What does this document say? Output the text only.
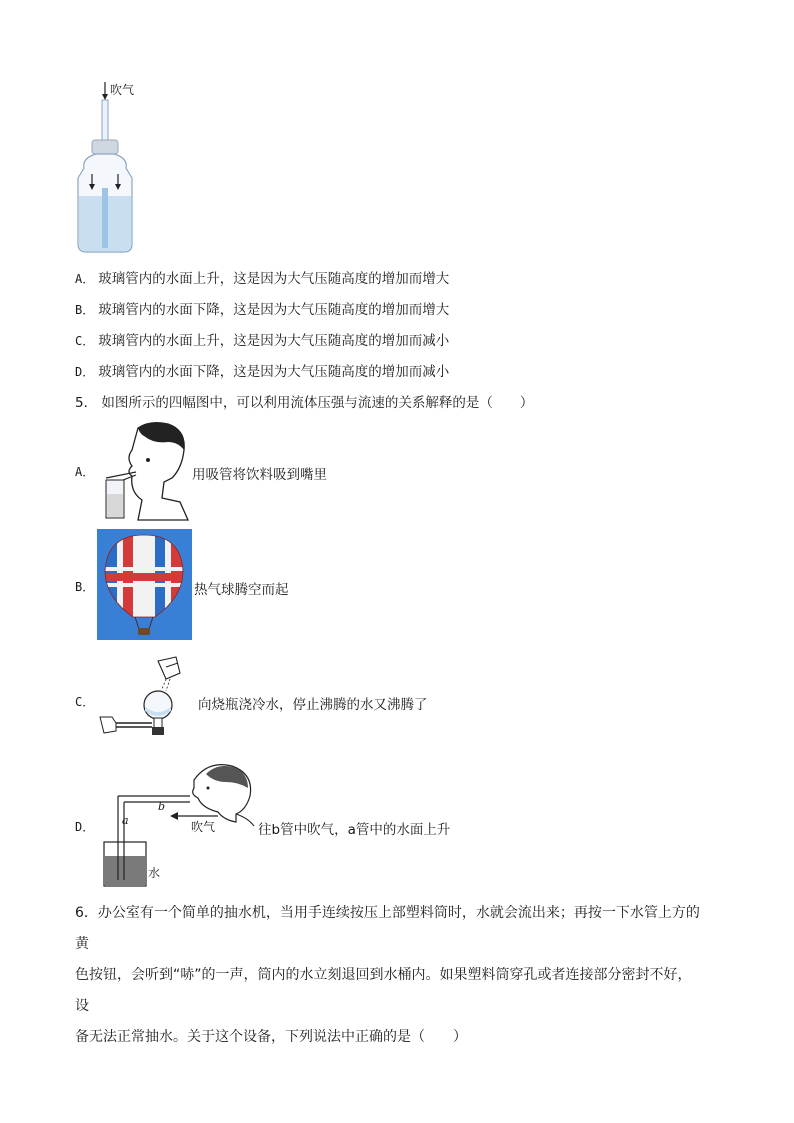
吹气
A． 玻璃管内的水面上升，这是因为大气压随高度的增加而增大
B． 玻璃管内的水面下降，这是因为大气压随高度的增加而增大
C． 玻璃管内的水面上升，这是因为大气压随高度的增加而减小
D． 玻璃管内的水面下降，这是因为大气压随高度的增加而减小
5． 如图所示的四幅图中，可以利用流体压强与流速的关系解释的是（　　）
A．	用吸管将饮料吸到嘴里
B．	热气球腾空而起
C．	向烧瓶浇冷水，停止沸腾的水又沸腾了
D．	a
b
吹气
水
往b管中吹气，a管中的水面上升
6．办公室有一个简单的抽水机，当用手连续按压上部塑料筒时，水就会流出来；再按一下水管上方的黄
色按钮，会听到“哧”的一声，筒内的水立刻退回到水桶内。如果塑料筒穿孔或者连接部分密封不好，设
备无法正常抽水。关于这个设备，下列说法中正确的是（　　）
